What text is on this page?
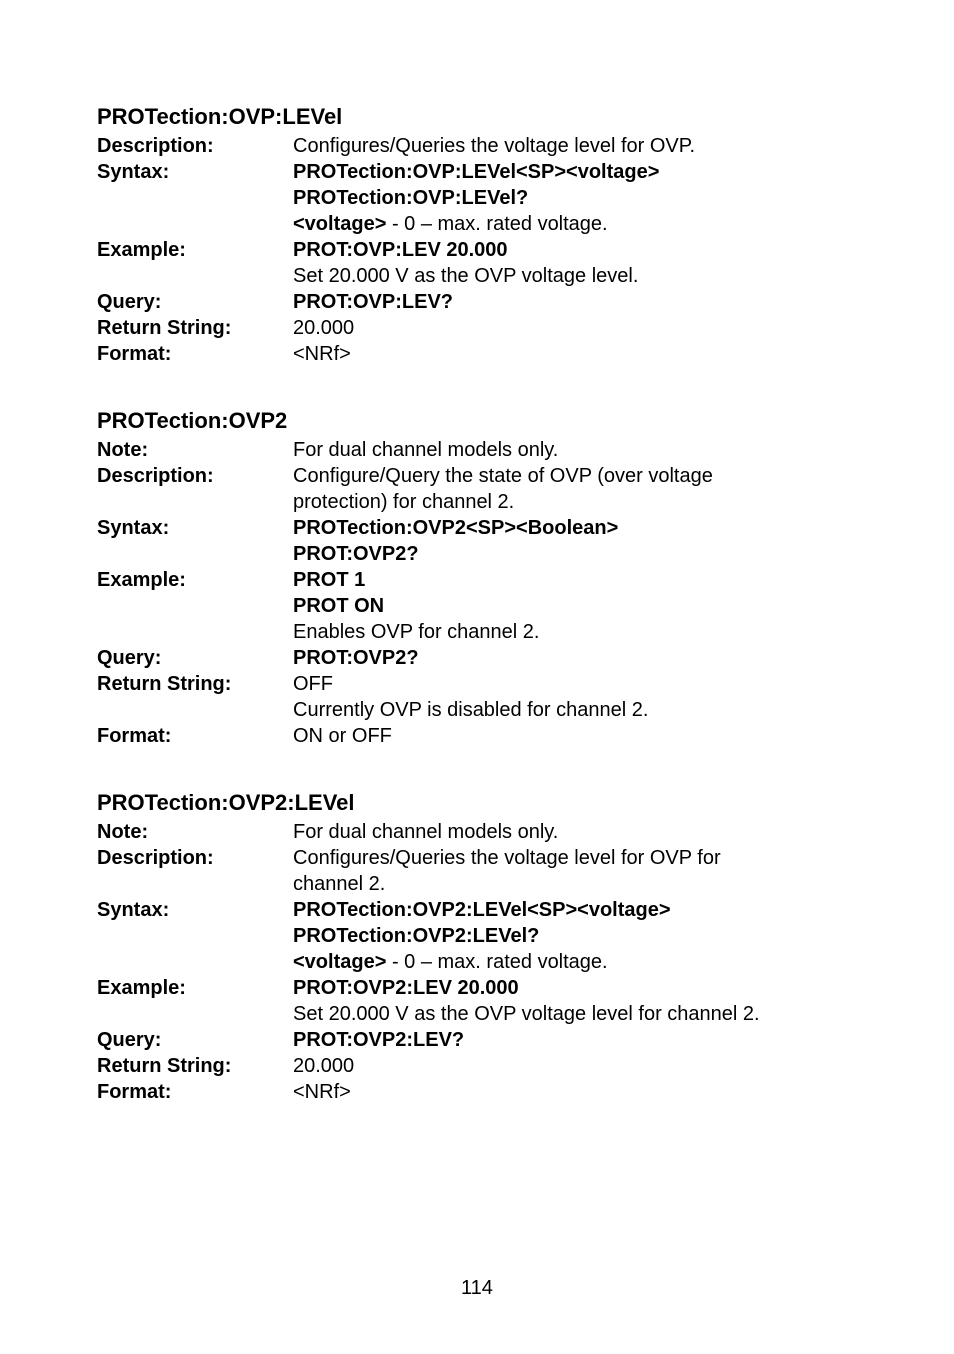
PROTection:OVP:LEVel
Description:	Configures/Queries the voltage level for OVP.
Syntax:	PROTection:OVP:LEVel<SP><voltage>
PROTection:OVP:LEVel?
<voltage> - 0 – max. rated voltage.
Example:	PROT:OVP:LEV 20.000
Set 20.000 V as the OVP voltage level.
Query:	PROT:OVP:LEV?
Return String:	20.000
Format:	<NRf>
PROTection:OVP2
Note:	For dual channel models only.
Description:	Configure/Query the state of OVP (over voltage
protection) for channel 2.
Syntax:	PROTection:OVP2<SP><Boolean>
PROT:OVP2?
Example:	PROT 1
PROT ON
Enables OVP for channel 2.
Query:	PROT:OVP2?
Return String:	OFF
Currently OVP is disabled for channel 2.
Format:	ON or OFF
PROTection:OVP2:LEVel
Note:	For dual channel models only.
Description:	Configures/Queries the voltage level for OVP for
channel 2.
Syntax:	PROTection:OVP2:LEVel<SP><voltage>
PROTection:OVP2:LEVel?
<voltage> - 0 – max. rated voltage.
Example:	PROT:OVP2:LEV 20.000
Set 20.000 V as the OVP voltage level for channel 2.
Query:	PROT:OVP2:LEV?
Return String:	20.000
Format:	<NRf>
114
